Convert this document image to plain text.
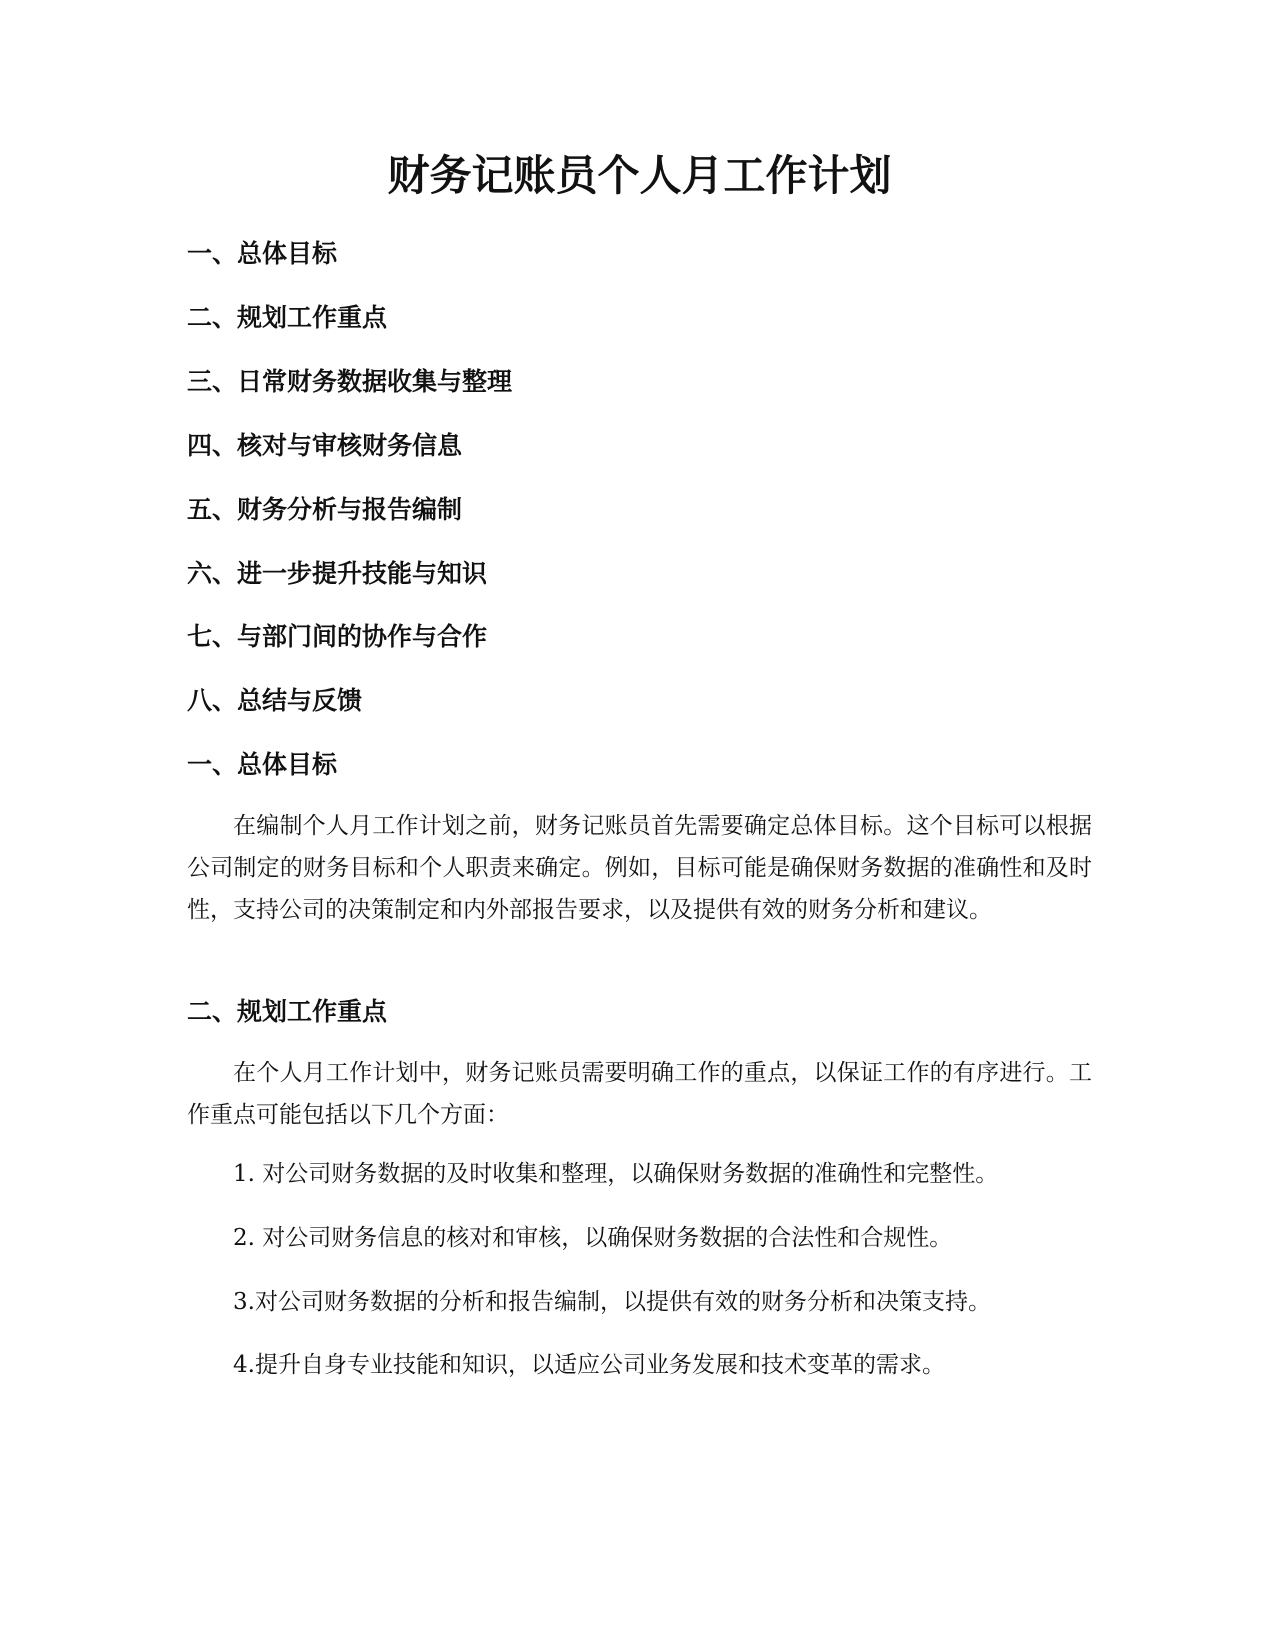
财务记账员个人月工作计划

一、总体目标

二、规划工作重点

三、日常财务数据收集与整理

四、核对与审核财务信息

五、财务分析与报告编制

六、进一步提升技能与知识

七、与部门间的协作与合作

八、总结与反馈

一、总体目标

在编制个人月工作计划之前，财务记账员首先需要确定总体目标。这个目标可以根据公司制定的财务目标和个人职责来确定。例如，目标可能是确保财务数据的准确性和及时性，支持公司的决策制定和内外部报告要求，以及提供有效的财务分析和建议。

二、规划工作重点

在个人月工作计划中，财务记账员需要明确工作的重点，以保证工作的有序进行。工作重点可能包括以下几个方面：

1. 对公司财务数据的及时收集和整理，以确保财务数据的准确性和完整性。

2. 对公司财务信息的核对和审核，以确保财务数据的合法性和合规性。

3.对公司财务数据的分析和报告编制，以提供有效的财务分析和决策支持。

4.提升自身专业技能和知识，以适应公司业务发展和技术变革的需求。
